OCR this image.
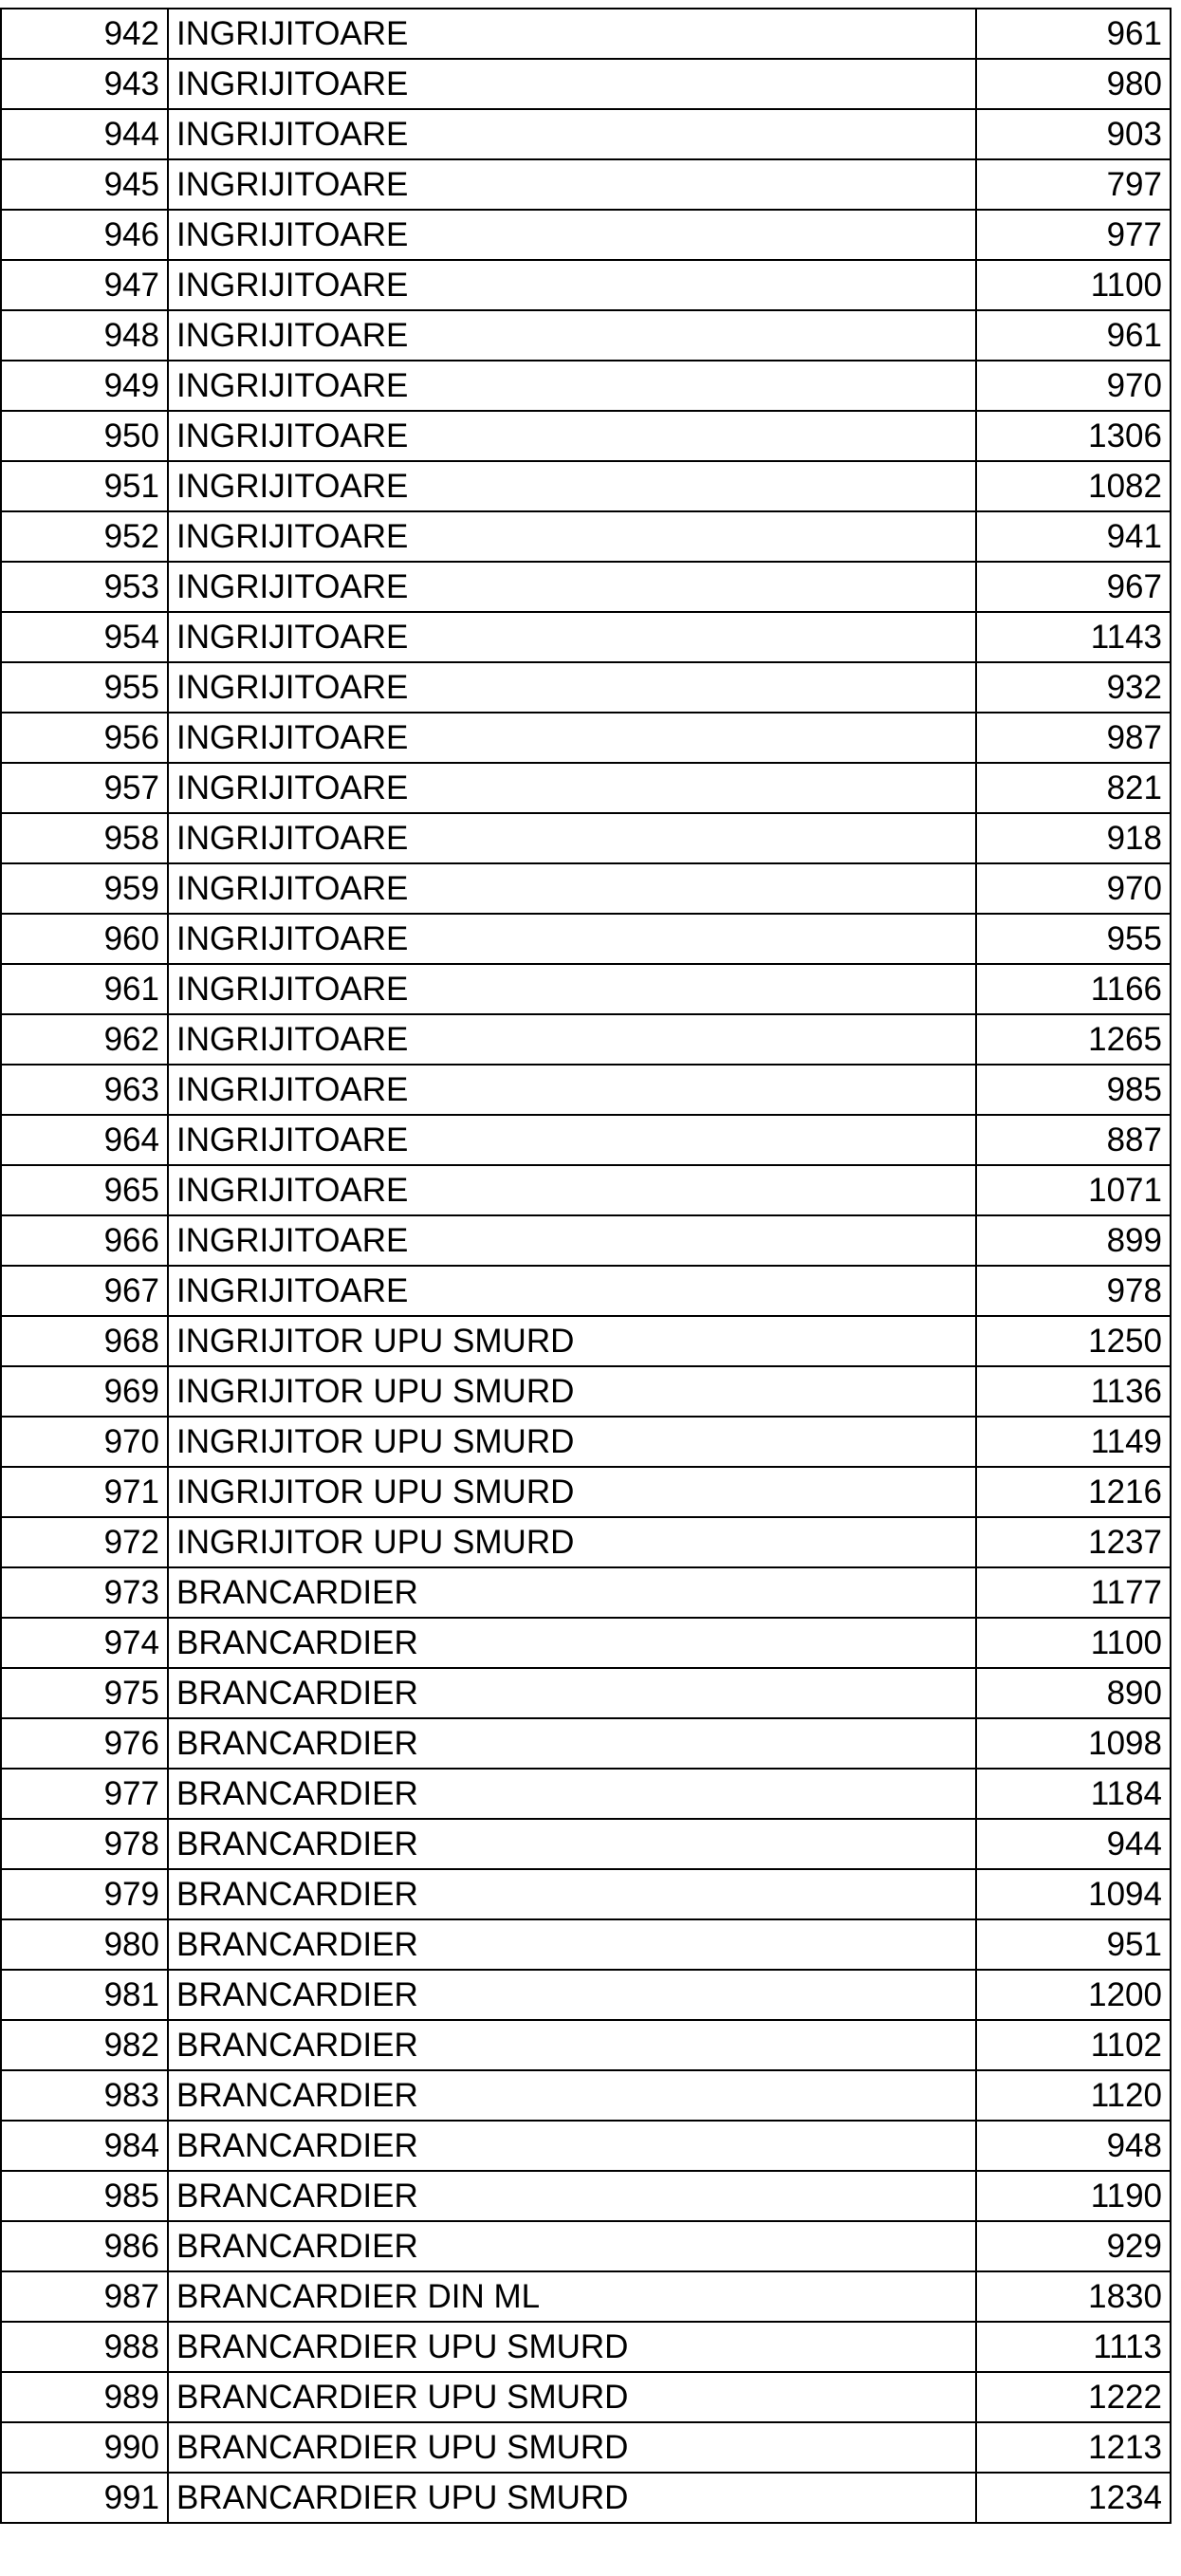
942	INGRIJITOARE	961
943	INGRIJITOARE	980
944	INGRIJITOARE	903
945	INGRIJITOARE	797
946	INGRIJITOARE	977
947	INGRIJITOARE	1100
948	INGRIJITOARE	961
949	INGRIJITOARE	970
950	INGRIJITOARE	1306
951	INGRIJITOARE	1082
952	INGRIJITOARE	941
953	INGRIJITOARE	967
954	INGRIJITOARE	1143
955	INGRIJITOARE	932
956	INGRIJITOARE	987
957	INGRIJITOARE	821
958	INGRIJITOARE	918
959	INGRIJITOARE	970
960	INGRIJITOARE	955
961	INGRIJITOARE	1166
962	INGRIJITOARE	1265
963	INGRIJITOARE	985
964	INGRIJITOARE	887
965	INGRIJITOARE	1071
966	INGRIJITOARE	899
967	INGRIJITOARE	978
968	INGRIJITOR UPU SMURD	1250
969	INGRIJITOR UPU SMURD	1136
970	INGRIJITOR UPU SMURD	1149
971	INGRIJITOR UPU SMURD	1216
972	INGRIJITOR UPU SMURD	1237
973	BRANCARDIER	1177
974	BRANCARDIER	1100
975	BRANCARDIER	890
976	BRANCARDIER	1098
977	BRANCARDIER	1184
978	BRANCARDIER	944
979	BRANCARDIER	1094
980	BRANCARDIER	951
981	BRANCARDIER	1200
982	BRANCARDIER	1102
983	BRANCARDIER	1120
984	BRANCARDIER	948
985	BRANCARDIER	1190
986	BRANCARDIER	929
987	BRANCARDIER DIN ML	1830
988	BRANCARDIER UPU SMURD	1113
989	BRANCARDIER UPU SMURD	1222
990	BRANCARDIER UPU SMURD	1213
991	BRANCARDIER UPU SMURD	1234
